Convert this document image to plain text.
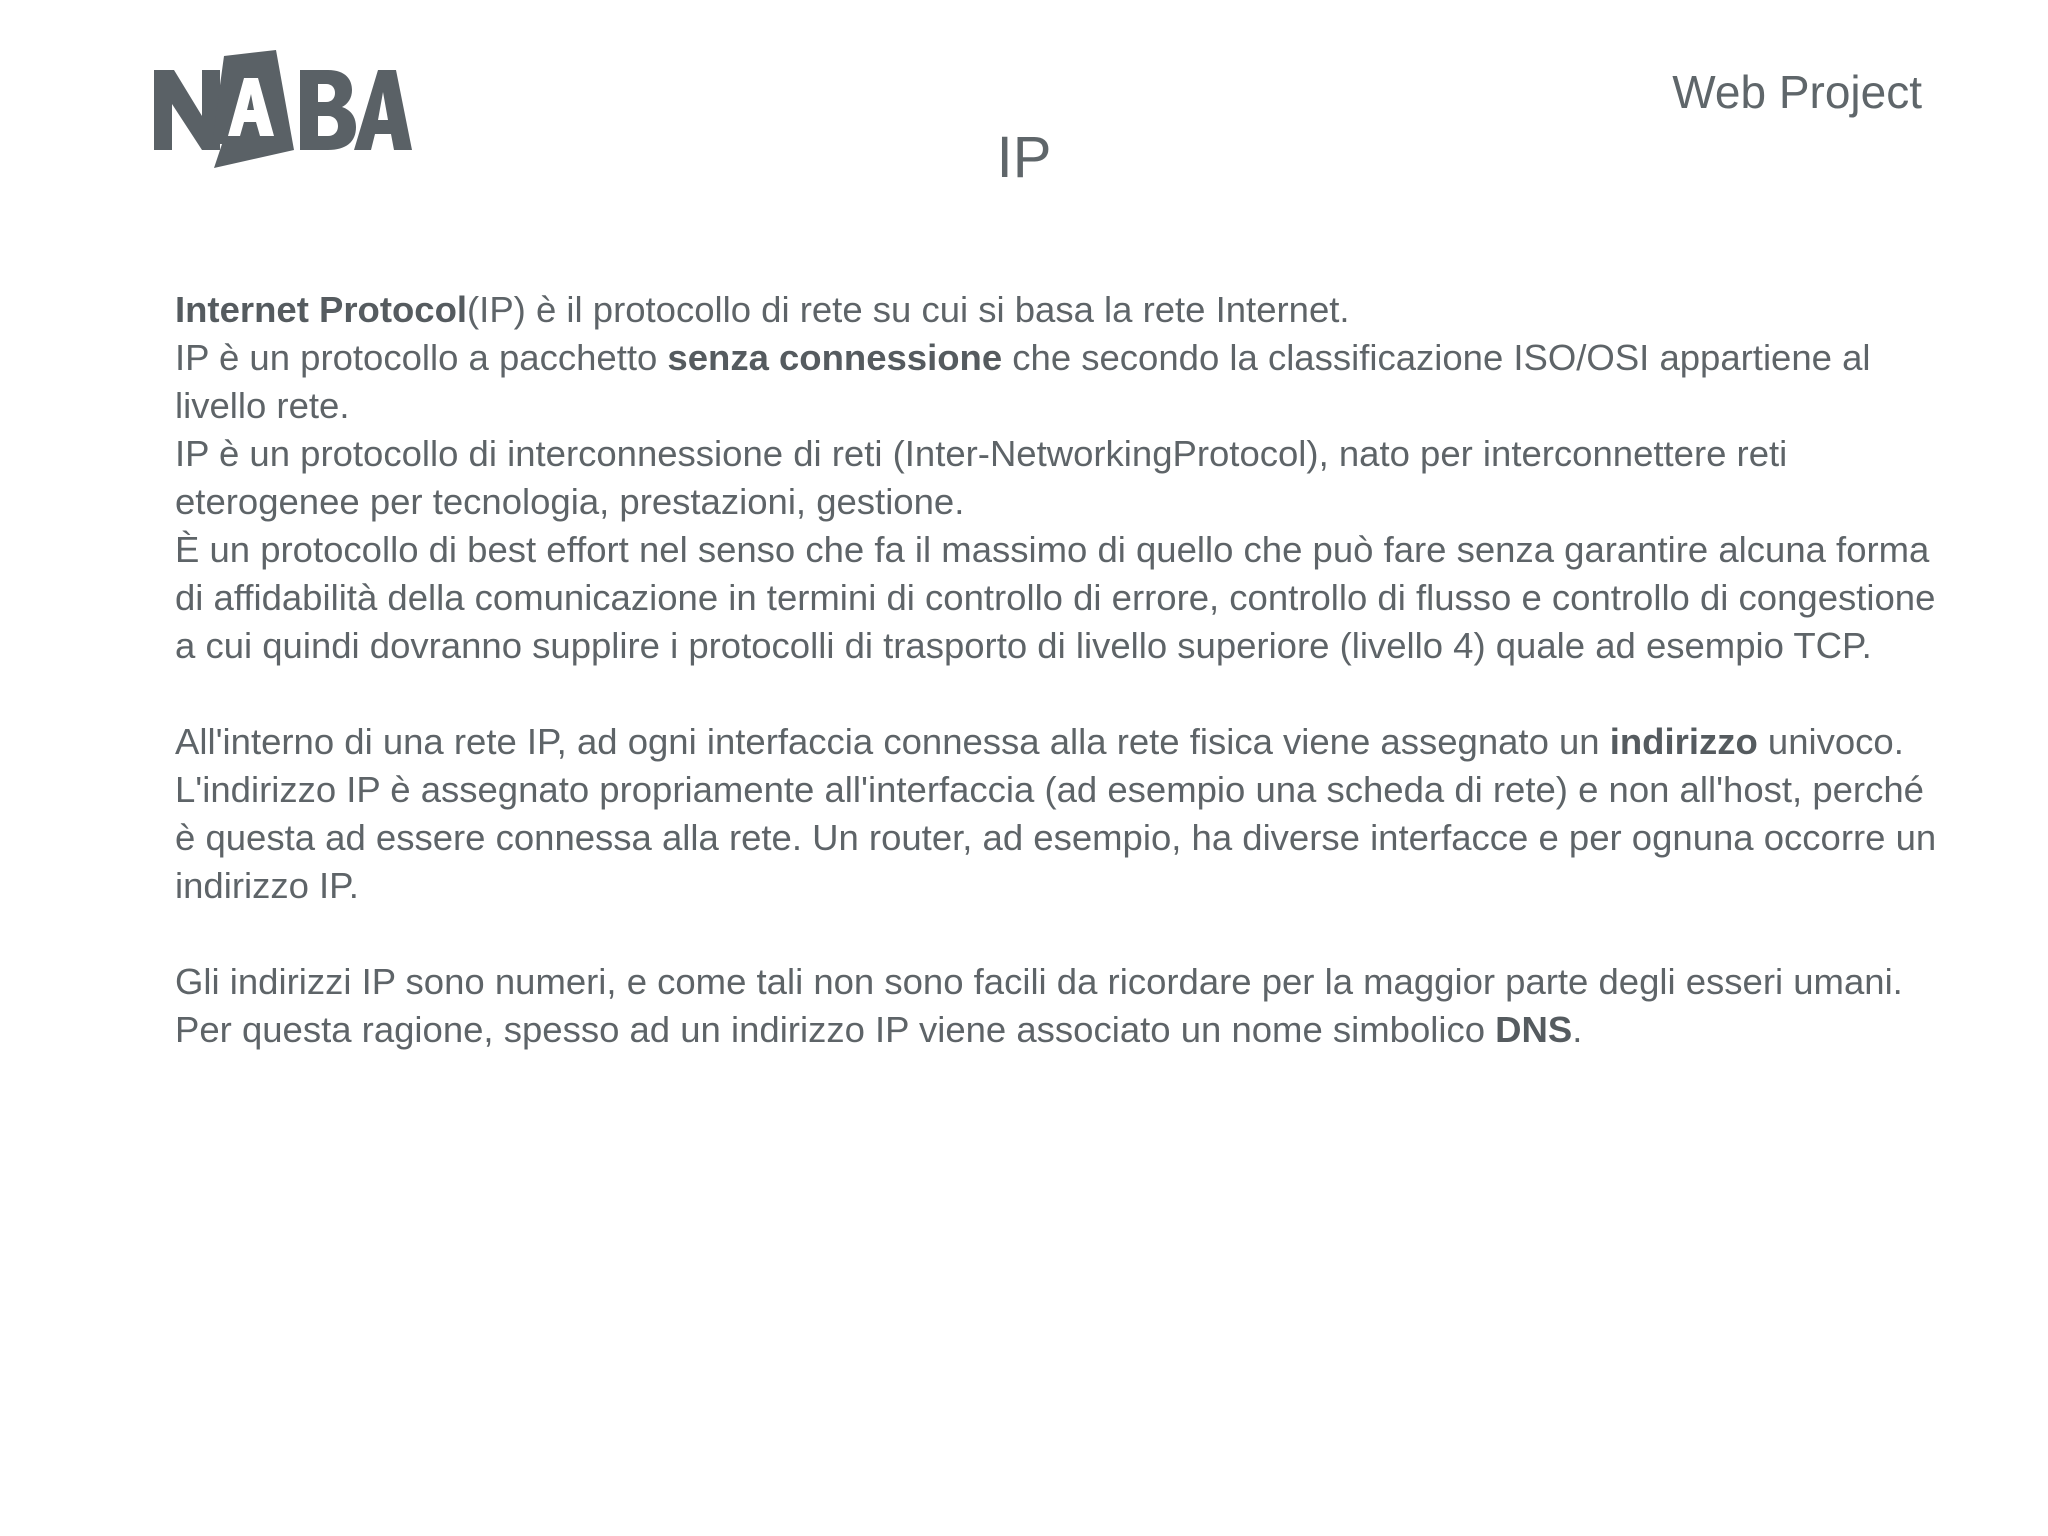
Web Project
IP

Internet Protocol(IP) è il protocollo di rete su cui si basa la rete Internet.

IP è un protocollo a pacchetto senza connessione che secondo la classificazione ISO/OSI appartiene al livello rete.

IP è un protocollo di interconnessione di reti (Inter-NetworkingProtocol), nato per interconnettere reti eterogenee per tecnologia, prestazioni, gestione.

È un protocollo di best effort nel senso che fa il massimo di quello che può fare senza garantire alcuna forma di affidabilità della comunicazione in termini di controllo di errore, controllo di flusso e controllo di congestione a cui quindi dovranno supplire i protocolli di trasporto di livello superiore (livello 4) quale ad esempio TCP.

All'interno di una rete IP, ad ogni interfaccia connessa alla rete fisica viene assegnato un indirizzo univoco.

L'indirizzo IP è assegnato propriamente all'interfaccia (ad esempio una scheda di rete) e non all'host, perché è questa ad essere connessa alla rete. Un router, ad esempio, ha diverse interfacce e per ognuna occorre un indirizzo IP.

Gli indirizzi IP sono numeri, e come tali non sono facili da ricordare per la maggior parte degli esseri umani.

Per questa ragione, spesso ad un indirizzo IP viene associato un nome simbolico DNS.
